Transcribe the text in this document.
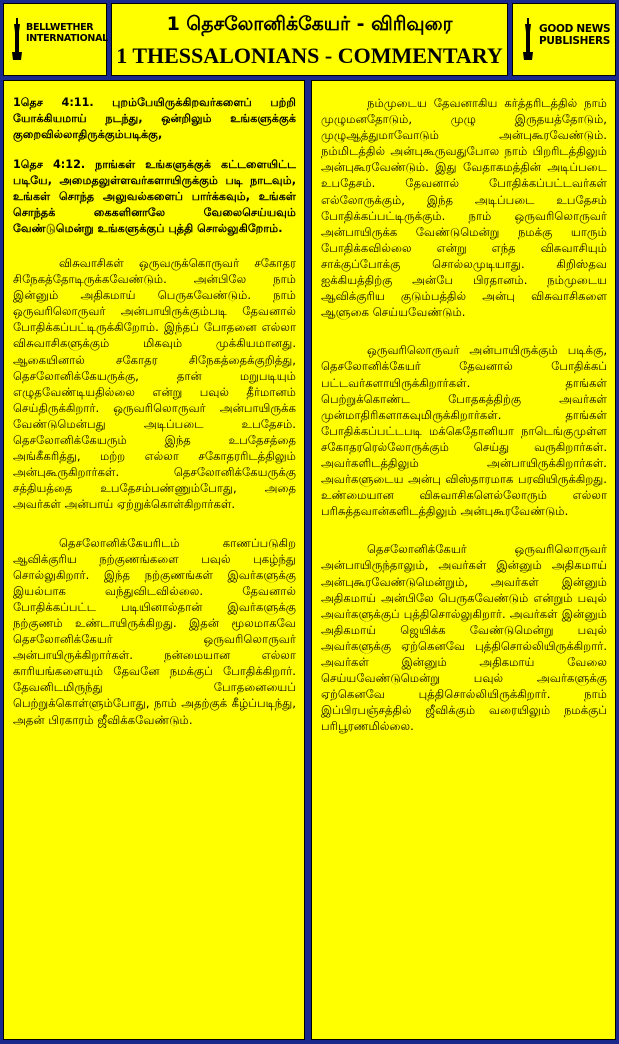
BELLWETHER
INTERNATIONAL
1 தெசலோனிக்கேயர் - விரிவுரை
1 THESSALONIANS - COMMENTARY
GOOD NEWS
PUBLISHERS

1தெச 4:11. புறம்பேயிருக்கிறவர்களைப் பற்றி யோக்கியமாய் நடந்து, ஒன்றிலும் உங்களுக்குக் குறைவில்லாதிருக்கும்படிக்கு,

1தெச 4:12. நாங்கள் உங்களுக்குக் கட்டளையிட்ட படியே, அமைதலுள்ளவர்களாயிருக்கும் படி நாடவும், உங்கள் சொந்த அலுவல்களைப் பார்க்கவும், உங்கள் சொந்தக் கைகளினாலே வேலைசெய்யவும் வேண்டுமென்று உங்களுக்குப் புத்தி சொல்லுகிறோம்.

விசுவாசிகள் ஒருவருக்கொருவர் சகோதர சிநேகத்தோடிருக்கவேண்டும். அன்பிலே நாம் இன்னும் அதிகமாய் பெருகவேண்டும். நாம் ஒருவரிலொருவர் அன்பாயிருக்கும்படி தேவனால் போதிக்கப்பட்டிருக்கிறோம். இந்தப் போதனை எல்லா விசுவாசிகளுக்கும் மிகவும் முக்கியமானது. ஆகையினால் சகோதர சிநேகத்தைக்குறித்து, தெசலோனிக்கேயருக்கு, தான் மறுபடியும் எழுதவேண்டியதில்லை என்று பவுல் தீர்மானம் செய்திருக்கிறார். ஒருவரிலொருவர் அன்பாயிருக்க வேண்டுமென்பது அடிப்படை உபதேசம். தெசலோனிக்கேயரும் இந்த உபதேசத்தை அங்கீகரித்து, மற்ற எல்லா சகோதரரிடத்திலும் அன்புகூருகிறார்கள். தெசலோனிக்கேயருக்கு சத்தியத்தை உபதேசம்பண்ணும்போது, அதை அவர்கள் அன்பாய் ஏற்றுக்கொள்கிறார்கள்.

தெசலோனிக்கேயரிடம் காணப்படுகிற ஆவிக்குரிய நற்குணங்களை பவுல் புகழ்ந்து சொல்லுகிறார். இந்த நற்குணங்கள் இவர்களுக்கு இயல்பாக வந்துவிடவில்லை. தேவனால் போதிக்கப்பட்ட படியினால்தான் இவர்களுக்கு நற்குணம் உண்டாயிருக்கிறது. இதன் மூலமாகவே தெசலோனிக்கேயர் ஒருவரிலொருவர் அன்பாயிருக்கிறார்கள். நன்மையான எல்லா காரியங்களையும் தேவனே நமக்குப் போதிக்கிறார். தேவனிடமிருந்து போதனையைப் பெற்றுக்கொள்ளும்போது, நாம் அதற்குக் கீழ்ப்படிந்து, அதன் பிரகாரம் ஜீவிக்கவேண்டும்.

நம்முடைய தேவனாகிய கர்த்தரிடத்தில் நாம் முழுமனதோடும், முழு இருதயத்தோடும், முழுஆத்துமாவோடும் அன்புகூரவேண்டும். நம்மிடத்தில் அன்புகூருவதுபோல நாம் பிறரிடத்திலும் அன்புகூரவேண்டும். இது வேதாகமத்தின் அடிப்படை உபதேசம். தேவனால் போதிக்கப்பட்டவர்கள் எல்லோருக்கும், இந்த அடிப்படை உபதேசம் போதிக்கப்பட்டிருக்கும். நாம் ஒருவரிலொருவர் அன்பாயிருக்க வேண்டுமென்று நமக்கு யாரும் போதிக்கவில்லை என்று எந்த விசுவாசியும் சாக்குப்போக்கு சொல்லமுடியாது. கிறிஸ்தவ ஐக்கியத்திற்கு அன்பே பிரதானம். நம்முடைய ஆவிக்குரிய குடும்பத்தில் அன்பு விசுவாசிகளை ஆளுகை செய்யவேண்டும்.

ஒருவரிலொருவர் அன்பாயிருக்கும் படிக்கு, தெசலோனிக்கேயர் தேவனால் போதிக்கப் பட்டவர்களாயிருக்கிறார்கள். தாங்கள் பெற்றுக்கொண்ட போதகத்திற்கு அவர்கள் முன்மாதிரிகளாகவுமிருக்கிறார்கள். தாங்கள் போதிக்கப்பட்டபடி மக்கெதோனியா நாடெங்குமுள்ள சகோதரரெல்லோருக்கும் செய்து வருகிறார்கள். அவர்களிடத்திலும் அன்பாயிருக்கிறார்கள். அவர்களுடைய அன்பு விஸ்தாரமாக பரவியிருக்கிறது. உண்மையான விசுவாசிகளெல்லோரும் எல்லா பரிசுத்தவான்களிடத்திலும் அன்புகூரவேண்டும்.

தெசலோனிக்கேயர் ஒருவரிலொருவர் அன்பாயிருந்தாலும், அவர்கள் இன்னும் அதிகமாய் அன்புகூரவேண்டுமென்றும், அவர்கள் இன்னும் அதிகமாய் அன்பிலே பெருகவேண்டும் என்றும் பவுல் அவர்களுக்குப் புத்திசொல்லுகிறார். அவர்கள் இன்னும் அதிகமாய் ஜெயிக்க வேண்டுமென்று பவுல் அவர்களுக்கு ஏற்கெனவே புத்திசொல்லியிருக்கிறார். அவர்கள் இன்னும் அதிகமாய் வேலை செய்யவேண்டுமென்று பவுல் அவர்களுக்கு ஏற்கெனவே புத்திசொல்லியிருக்கிறார். நாம் இப்பிரபஞ்சத்தில் ஜீவிக்கும் வரையிலும் நமக்குப் பரிபூரணமில்லை.
